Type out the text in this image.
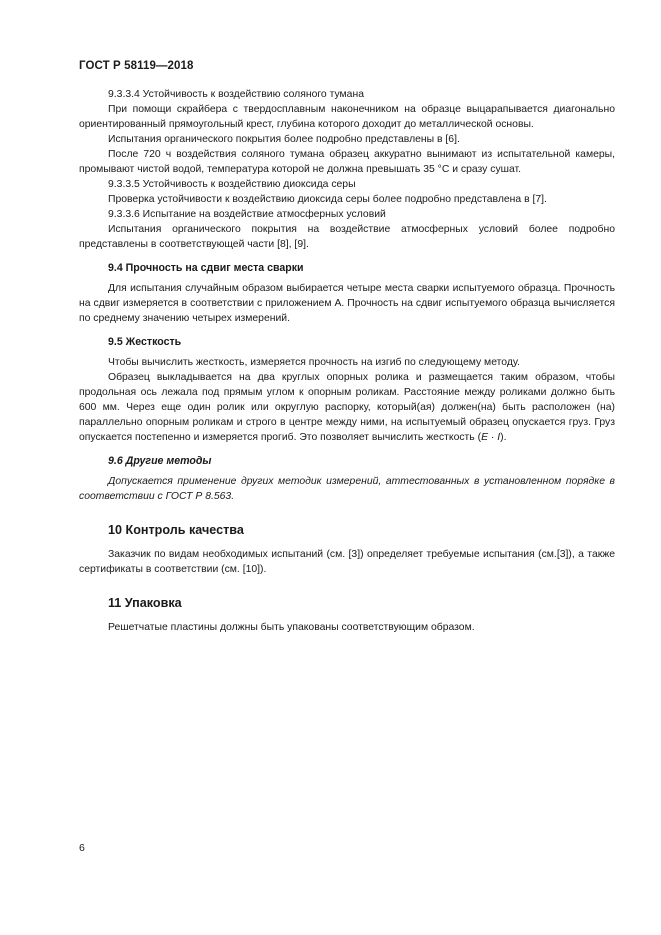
ГОСТ Р 58119—2018

9.3.3.4 Устойчивость к воздействию соляного тумана

При помощи скрайбера с твердосплавным наконечником на образце выцарапывается диагонально ориентированный прямоугольный крест, глубина которого доходит до металлической основы.

Испытания органического покрытия более подробно представлены в [6].

После 720 ч воздействия соляного тумана образец аккуратно вынимают из испытательной камеры, промывают чистой водой, температура которой не должна превышать 35 °С и сразу сушат.

9.3.3.5 Устойчивость к воздействию диоксида серы

Проверка устойчивости к воздействию диоксида серы более подробно представлена в [7].

9.3.3.6 Испытание на воздействие атмосферных условий

Испытания органического покрытия на воздействие атмосферных условий более подробно представлены в соответствующей части [8], [9].

9.4 Прочность на сдвиг места сварки

Для испытания случайным образом выбирается четыре места сварки испытуемого образца. Прочность на сдвиг измеряется в соответствии с приложением А. Прочность на сдвиг испытуемого образца вычисляется по среднему значению четырех измерений.

9.5 Жесткость

Чтобы вычислить жесткость, измеряется прочность на изгиб по следующему методу.

Образец выкладывается на два круглых опорных ролика и размещается таким образом, чтобы продольная ось лежала под прямым углом к опорным роликам. Расстояние между роликами должно быть 600 мм. Через еще один ролик или округлую распорку, который(ая) должен(на) быть расположен (на) параллельно опорным роликам и строго в центре между ними, на испытуемый образец опускается груз. Груз опускается постепенно и измеряется прогиб. Это позволяет вычислить жесткость (E · I).

9.6 Другие методы

Допускается применение других методик измерений, аттестованных в установленном порядке в соответствии с ГОСТ Р 8.563.

10 Контроль качества

Заказчик по видам необходимых испытаний (см. [3]) определяет требуемые испытания (см.[3]), а также сертификаты в соответствии (см. [10]).

11 Упаковка

Решетчатые пластины должны быть упакованы соответствующим образом.

6
